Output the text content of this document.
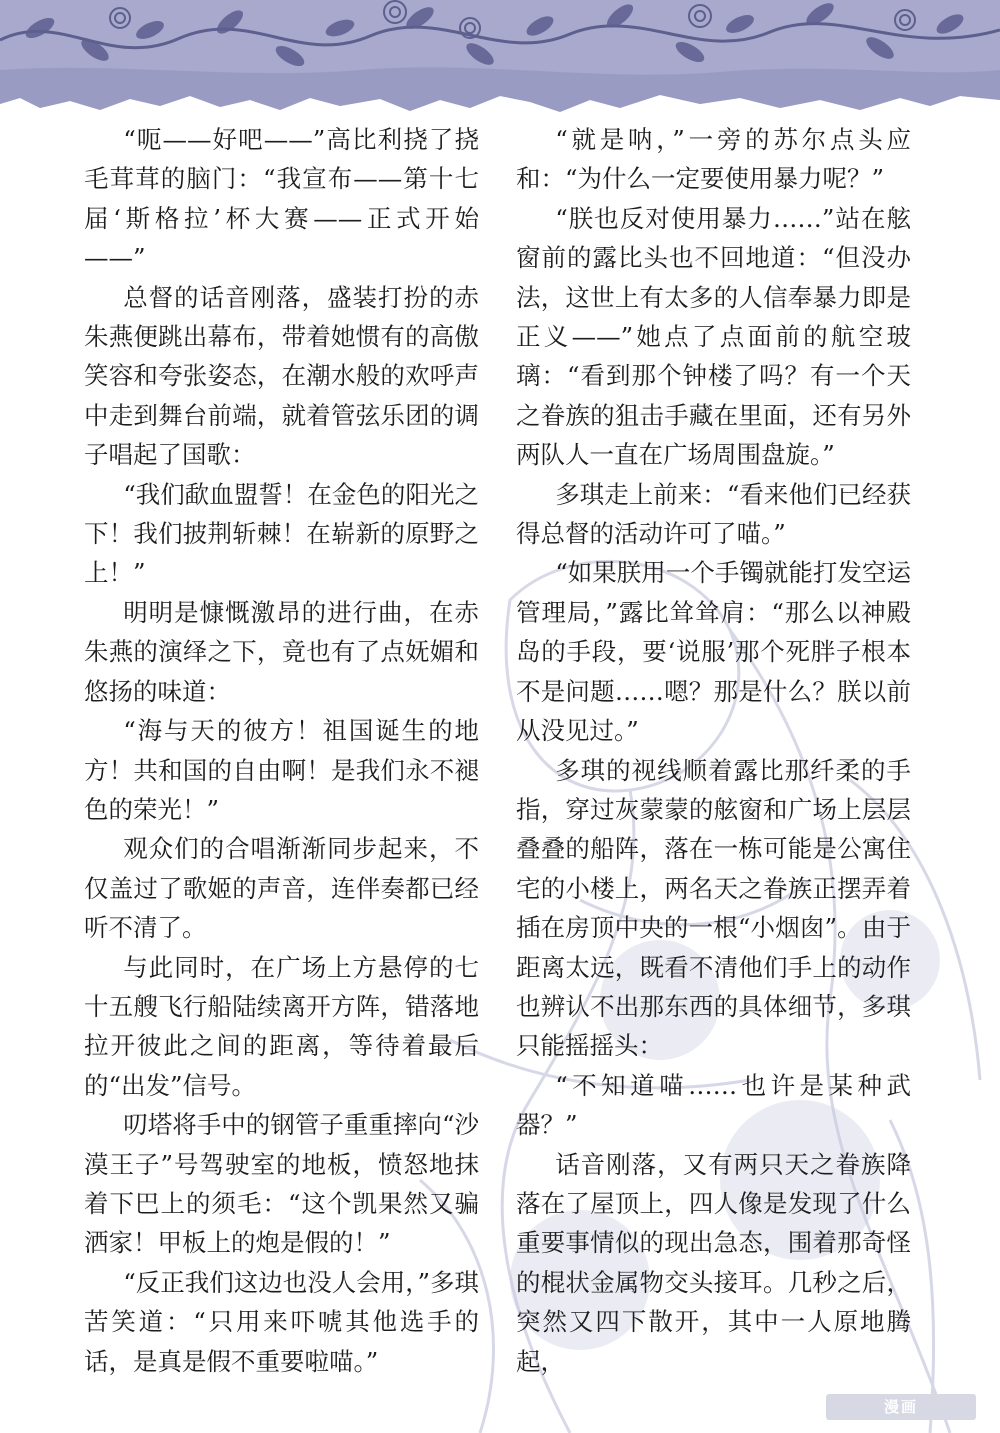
“呃——好吧——”高比利挠了挠毛茸茸的脑门：“我宣布——第十七届‘斯格拉’杯大赛——正式开始——”

总督的话音刚落，盛装打扮的赤朱燕便跳出幕布，带着她惯有的高傲笑容和夸张姿态，在潮水般的欢呼声中走到舞台前端，就着管弦乐团的调子唱起了国歌：

“我们歃血盟誓！在金色的阳光之下！我们披荆斩棘！在崭新的原野之上！”

明明是慷慨激昂的进行曲，在赤朱燕的演绎之下，竟也有了点妩媚和悠扬的味道：

“海与天的彼方！祖国诞生的地方！共和国的自由啊！是我们永不褪色的荣光！”

观众们的合唱渐渐同步起来，不仅盖过了歌姬的声音，连伴奏都已经听不清了。

与此同时，在广场上方悬停的七十五艘飞行船陆续离开方阵，错落地拉开彼此之间的距离，等待着最后的“出发”信号。

叨塔将手中的钢管子重重摔向“沙漠王子”号驾驶室的地板，愤怒地抹着下巴上的须毛：“这个凯果然又骗洒家！甲板上的炮是假的！”

“反正我们这边也没人会用，”多琪苦笑道：“只用来吓唬其他选手的话，是真是假不重要啦喵。”

“就是呐，”一旁的苏尔点头应和：“为什么一定要使用暴力呢？”

“朕也反对使用暴力……”站在舷窗前的露比头也不回地道：“但没办法，这世上有太多的人信奉暴力即是正义——”她点了点面前的航空玻璃：“看到那个钟楼了吗？有一个天之眷族的狙击手藏在里面，还有另外两队人一直在广场周围盘旋。”

多琪走上前来：“看来他们已经获得总督的活动许可了喵。”

“如果朕用一个手镯就能打发空运管理局，”露比耸耸肩：“那么以神殿岛的手段，要‘说服’那个死胖子根本不是问题……嗯？那是什么？朕以前从没见过。”

多琪的视线顺着露比那纤柔的手指，穿过灰蒙蒙的舷窗和广场上层层叠叠的船阵，落在一栋可能是公寓住宅的小楼上，两名天之眷族正摆弄着插在房顶中央的一根“小烟囱”。由于距离太远，既看不清他们手上的动作也辨认不出那东西的具体细节，多琪只能摇摇头：

“不知道喵……也许是某种武器？”

话音刚落，又有两只天之眷族降落在了屋顶上，四人像是发现了什么重要事情似的现出急态，围着那奇怪的棍状金属物交头接耳。几秒之后，突然又四下散开，其中一人原地腾起，

漫画
